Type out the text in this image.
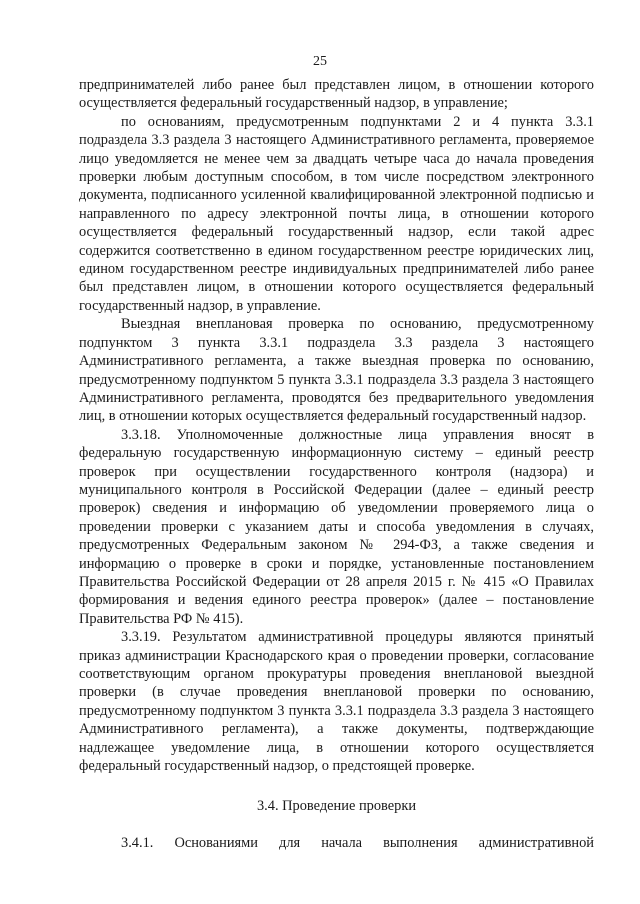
25

предпринимателей либо ранее был представлен лицом, в отношении которого осуществляется федеральный государственный надзор, в управление;

по основаниям, предусмотренным подпунктами 2 и 4 пункта 3.3.1 подраздела 3.3 раздела 3 настоящего Административного регламента, проверяемое лицо уведомляется не менее чем за двадцать четыре часа до начала проведения проверки любым доступным способом, в том числе посредством электронного документа, подписанного усиленной квалифицированной электронной подписью и направленного по адресу электронной почты лица, в отношении которого осуществляется федеральный государственный надзор, если такой адрес содержится соответственно в едином государственном реестре юридических лиц, едином государственном реестре индивидуальных предпринимателей либо ранее был представлен лицом, в отношении которого осуществляется федеральный государственный надзор, в управление.

Выездная внеплановая проверка по основанию, предусмотренному подпунктом 3 пункта 3.3.1 подраздела 3.3 раздела 3 настоящего Административного регламента, а также выездная проверка по основанию, предусмотренному подпунктом 5 пункта 3.3.1 подраздела 3.3 раздела 3 настоящего Административного регламента, проводятся без предварительного уведомления лиц, в отношении которых осуществляется федеральный государственный надзор.

3.3.18. Уполномоченные должностные лица управления вносят в федеральную государственную информационную систему – единый реестр проверок при осуществлении государственного контроля (надзора) и муниципального контроля в Российской Федерации (далее – единый реестр проверок) сведения и информацию об уведомлении проверяемого лица о проведении проверки с указанием даты и способа уведомления в случаях, предусмотренных Федеральным законом № 294-ФЗ, а также сведения и информацию о проверке в сроки и порядке, установленные постановлением Правительства Российской Федерации от 28 апреля 2015 г. № 415 «О Правилах формирования и ведения единого реестра проверок» (далее – постановление Правительства РФ № 415).

3.3.19. Результатом административной процедуры являются принятый приказ администрации Краснодарского края о проведении проверки, согласование соответствующим органом прокуратуры проведения внеплановой выездной проверки (в случае проведения внеплановой проверки по основанию, предусмотренному подпунктом 3 пункта 3.3.1 подраздела 3.3 раздела 3 настоящего Административного регламента), а также документы, подтверждающие надлежащее уведомление лица, в отношении которого осуществляется федеральный государственный надзор, о предстоящей проверке.

3.4. Проведение проверки

3.4.1. Основаниями для начала выполнения административной
